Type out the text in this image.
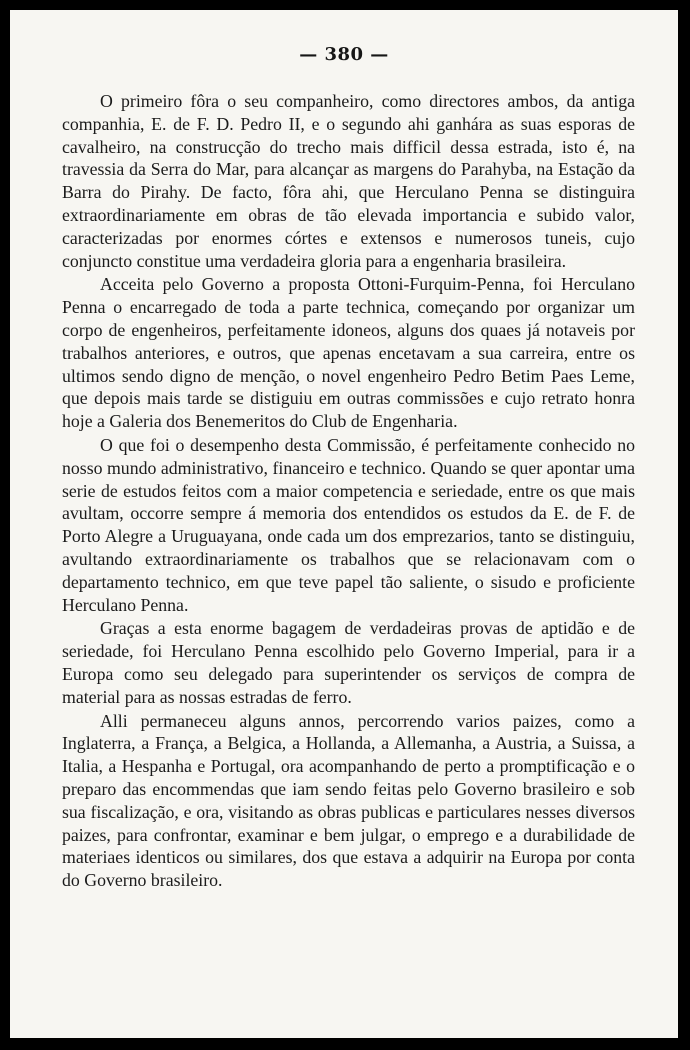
— 380 —

O primeiro fôra o seu companheiro, como directores ambos, da antiga companhia, E. de F. D. Pedro II, e o segundo ahi ganhára as suas esporas de cavalheiro, na construcção do trecho mais difficil dessa estrada, isto é, na travessia da Serra do Mar, para alcançar as margens do Parahyba, na Estação da Barra do Pirahy. De facto, fôra ahi, que Herculano Penna se distinguira extraordinariamente em obras de tão elevada importancia e subido valor, caracterizadas por enormes córtes e extensos e numerosos tuneis, cujo conjuncto constitue uma verdadeira gloria para a engenharia brasileira.

Acceita pelo Governo a proposta Ottoni-Furquim-Penna, foi Herculano Penna o encarregado de toda a parte technica, começando por organizar um corpo de engenheiros, perfeitamente idoneos, alguns dos quaes já notaveis por trabalhos anteriores, e outros, que apenas encetavam a sua carreira, entre os ultimos sendo digno de menção, o novel engenheiro Pedro Betim Paes Leme, que depois mais tarde se distiguiu em outras commissões e cujo retrato honra hoje a Galeria dos Benemeritos do Club de Engenharia.

O que foi o desempenho desta Commissão, é perfeitamente conhecido no nosso mundo administrativo, financeiro e technico. Quando se quer apontar uma serie de estudos feitos com a maior competencia e seriedade, entre os que mais avultam, occorre sempre á memoria dos entendidos os estudos da E. de F. de Porto Alegre a Uruguayana, onde cada um dos emprezarios, tanto se distinguiu, avultando extraordinariamente os trabalhos que se relacionavam com o departamento technico, em que teve papel tão saliente, o sisudo e proficiente Herculano Penna.

Graças a esta enorme bagagem de verdadeiras provas de aptidão e de seriedade, foi Herculano Penna escolhido pelo Governo Imperial, para ir a Europa como seu delegado para superintender os serviços de compra de material para as nossas estradas de ferro.

Alli permaneceu alguns annos, percorrendo varios paizes, como a Inglaterra, a França, a Belgica, a Hollanda, a Allemanha, a Austria, a Suissa, a Italia, a Hespanha e Portugal, ora acompanhando de perto a promptificação e o preparo das encommendas que iam sendo feitas pelo Governo brasileiro e sob sua fiscalização, e ora, visitando as obras publicas e particulares nesses diversos paizes, para confrontar, examinar e bem julgar, o emprego e a durabilidade de materiaes identicos ou similares, dos que estava a adquirir na Europa por conta do Governo brasileiro.
